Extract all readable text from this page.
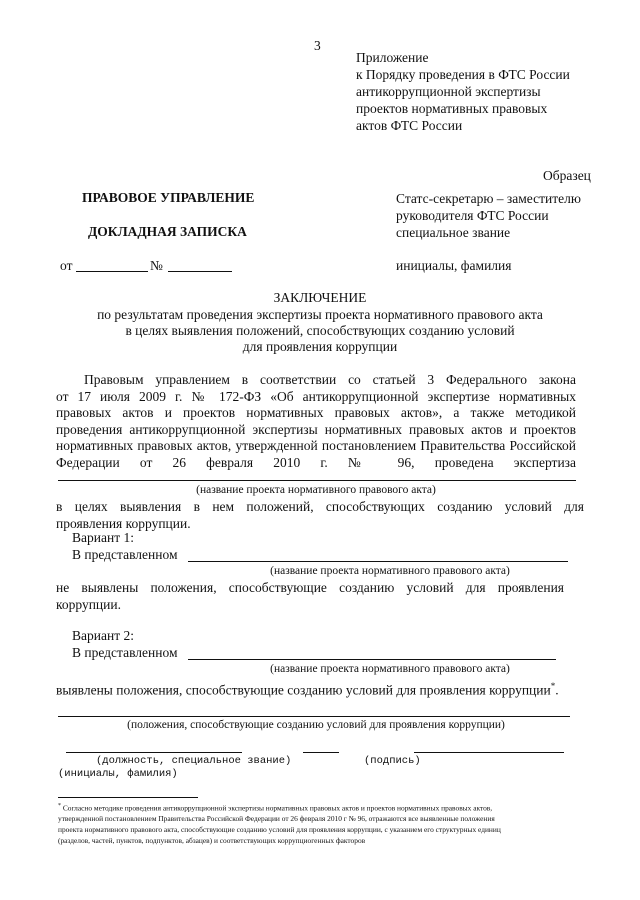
3
Приложение
к Порядку проведения в ФТС России
антикоррупционной экспертизы
проектов нормативных правовых
актов ФТС России
Образец
ПРАВОВОЕ УПРАВЛЕНИЕ
ДОКЛАДНАЯ ЗАПИСКА
от	№
Статс-секретарю – заместителю
руководителя ФТС России
специальное звание
инициалы, фамилия
ЗАКЛЮЧЕНИЕ
по результатам проведения экспертизы проекта нормативного правового акта
в целях выявления положений, способствующих созданию условий
для проявления коррупции
Правовым управлением в соответствии со статьей 3 Федерального закона
от 17 июля 2009 г. № 172-ФЗ «Об антикоррупционной экспертизе нормативных
правовых актов и проектов нормативных правовых актов», а также методикой
проведения антикоррупционной экспертизы нормативных правовых актов и проектов
нормативных правовых актов, утвержденной постановлением Правительства Российской
Федерации от 26 февраля 2010 г. № 96, проведена экспертиза
(название проекта нормативного правового акта)
в целях выявления в нем положений, способствующих созданию условий для
проявления коррупции.
Вариант 1:
В представленном
(название проекта нормативного правового акта)
не выявлены положения, способствующие созданию условий для проявления
коррупции.
Вариант 2:
В представленном
(название проекта нормативного правового акта)
выявлены положения, способствующие созданию условий для проявления коррупции*.
(положения, способствующие созданию условий для проявления коррупции)
(должность, специальное звание)	(подпись)
(инициалы, фамилия)
* Согласно методике проведения антикоррупционной экспертизы нормативных правовых актов и проектов нормативных правовых актов,
утвержденной постановлением Правительства Российской Федерации от 26 февраля 2010 г № 96, отражаются все выявленные положения
проекта нормативного правового акта, способствующие созданию условий для проявления коррупции, с указанием его структурных единиц
(разделов, частей, пунктов, подпунктов, абзацев) и соответствующих коррупциогенных факторов
